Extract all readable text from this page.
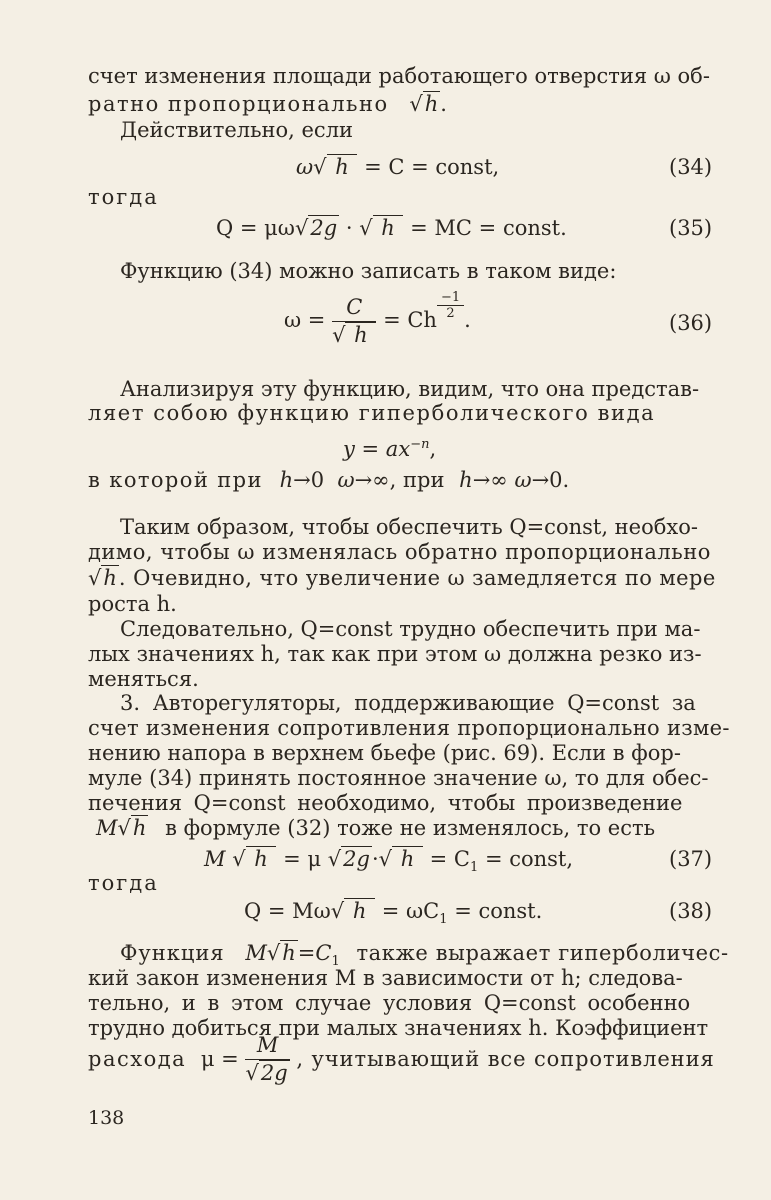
счет изменения площади работающего отверстия ω об-
ратно пропорционально √h.
Действительно, если
ω√ h  = C = const,	(34)
тогда
Q = μω√2g · √ h  = MC = const.	(35)
Функцию (34) можно записать в таком виде:
$\omega = \frac{C}{√ h} = Ch \frac{-1}{2}$ .	(36)
Анализируя эту функцию, видим, что она представ-
ляет собою функцию гиперболического вида
$y = ax^{-n}$,
в которой при h→0  ω→∞, при h→∞ ω→0.
Таким образом, чтобы обеспечить Q=const, необхо-
димо, чтобы ω изменялась обратно пропорционально
√h. Очевидно, что увеличение ω замедляется по мере
роста h.
Следовательно, Q=const трудно обеспечить при ма-
лых значениях h, так как при этом ω должна резко из-
меняться.
3. Авторегуляторы, поддерживающие Q=const за
счет изменения сопротивления пропорционально изме-
нению напора в верхнем бьефе (рис. 69). Если в фор-
муле (34) принять постоянное значение ω, то для обес-
печения Q=const необходимо, чтобы произведение
M√h в формуле (32) тоже не изменялось, то есть
M √ h  = μ √2g·√ $h = C_1$ = const,	(37)
тогда
Q = Mω√ $h = \omega C_1$ = const.	(38)
Функция $M√h=C_1$ также выражает гиперболичес-
кий закон изменения M в зависимости от h; следова-
тельно, и в этом случае условия Q=const особенно
трудно добиться при малых значениях h. Коэффициент
расхода $\mu = \frac{M}{√2g}$ , учитывающий все сопротивления
138
